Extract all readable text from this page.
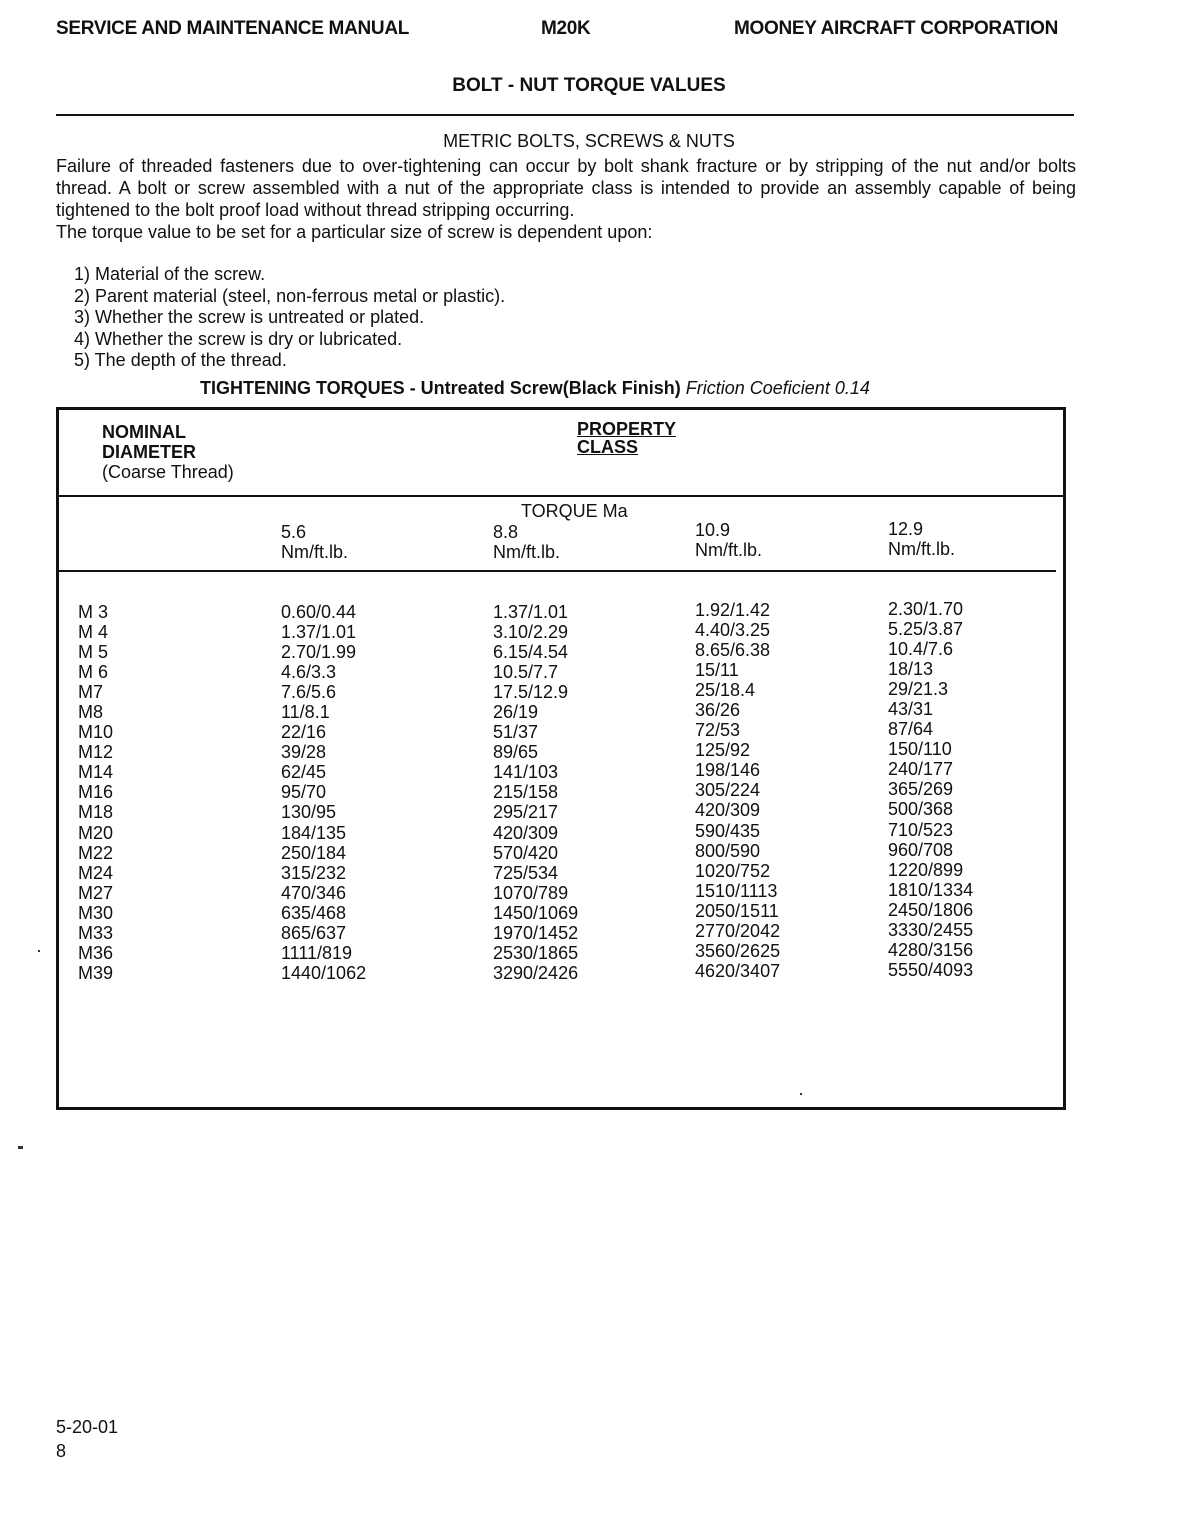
SERVICE AND MAINTENANCE MANUAL	M20K	MOONEY AIRCRAFT CORPORATION
BOLT - NUT TORQUE VALUES
METRIC BOLTS, SCREWS & NUTS

Failure of threaded fasteners due to over-tightening can occur by bolt shank fracture or by stripping of the nut and/or bolts thread. A bolt or screw assembled with a nut of the appropriate class is intended to provide an assembly capable of being tightened to the bolt proof load without thread stripping occurring.

The torque value to be set for a particular size of screw is dependent upon:

1) Material of the screw.
2) Parent material (steel, non-ferrous metal or plastic).
3) Whether the screw is untreated or plated.
4) Whether the screw is dry or lubricated.
5) The depth of the thread.
TIGHTENING TORQUES - Untreated Screw(Black Finish) Friction Coeficient 0.14
NOMINAL
DIAMETER
(Coarse Thread)
PROPERTY
CLASS
TORQUE Ma
5.6
Nm/ft.lb.
8.8
Nm/ft.lb.
10.9
Nm/ft.lb.
12.9
Nm/ft.lb.
M 3
M 4
M 5
M 6
M7
M8
M10
M12
M14
M16
M18
M20
M22
M24
M27
M30
M33
M36
M39
0.60/0.44
1.37/1.01
2.70/1.99
4.6/3.3
7.6/5.6
11/8.1
22/16
39/28
62/45
95/70
130/95
184/135
250/184
315/232
470/346
635/468
865/637
1111/819
1440/1062
1.37/1.01
3.10/2.29
6.15/4.54
10.5/7.7
17.5/12.9
26/19
51/37
89/65
141/103
215/158
295/217
420/309
570/420
725/534
1070/789
1450/1069
1970/1452
2530/1865
3290/2426
1.92/1.42
4.40/3.25
8.65/6.38
15/11
25/18.4
36/26
72/53
125/92
198/146
305/224
420/309
590/435
800/590
1020/752
1510/1113
2050/1511
2770/2042
3560/2625
4620/3407
2.30/1.70
5.25/3.87
10.4/7.6
18/13
29/21.3
43/31
87/64
150/110
240/177
365/269
500/368
710/523
960/708
1220/899
1810/1334
2450/1806
3330/2455
4280/3156
5550/4093
5-20-01
8
